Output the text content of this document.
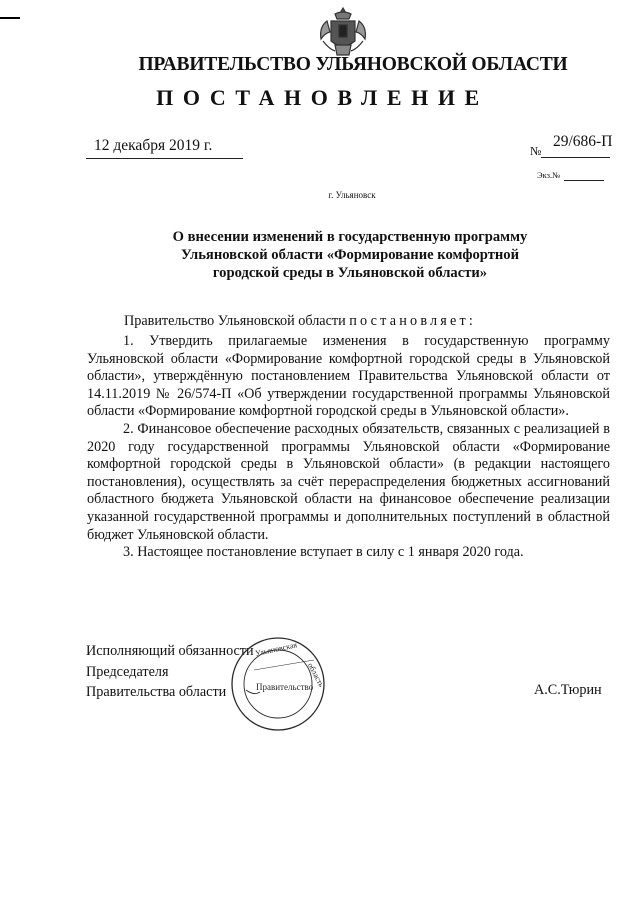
ПРАВИТЕЛЬСТВО УЛЬЯНОВСКОЙ ОБЛАСТИ
ПОСТАНОВЛЕНИЕ
12 декабря 2019 г.	№
29/686-П
Экз.№
г. Ульяновск
О внесении изменений в государственную программу
Ульяновской области «Формирование комфортной
городской среды в Ульяновской области»
Правительство Ульяновской области постановляет:

1. Утвердить прилагаемые изменения в государственную программу Ульяновской области «Формирование комфортной городской среды в Ульяновской области», утверждённую постановлением Правительства Ульяновской области от 14.11.2019 № 26/574-П «Об утверждении государственной программы Ульяновской области «Формирование комфортной городской среды в Ульяновской области».

2. Финансовое обеспечение расходных обязательств, связанных с реализацией в 2020 году государственной программы Ульяновской области «Формирование комфортной городской среды в Ульяновской области» (в редакции настоящего постановления), осуществлять за счёт перераспределения бюджетных ассигнований областного бюджета Ульяновской области на финансовое обеспечение реализации указанной государственной программы и дополнительных поступлений в областной бюджет Ульяновской области.

3. Настоящее постановление вступает в силу с 1 января 2020 года.

Исполняющий обязанности
Председателя
Правительства области
Ульяновская
область
Правительство	А.С.Тюрин
